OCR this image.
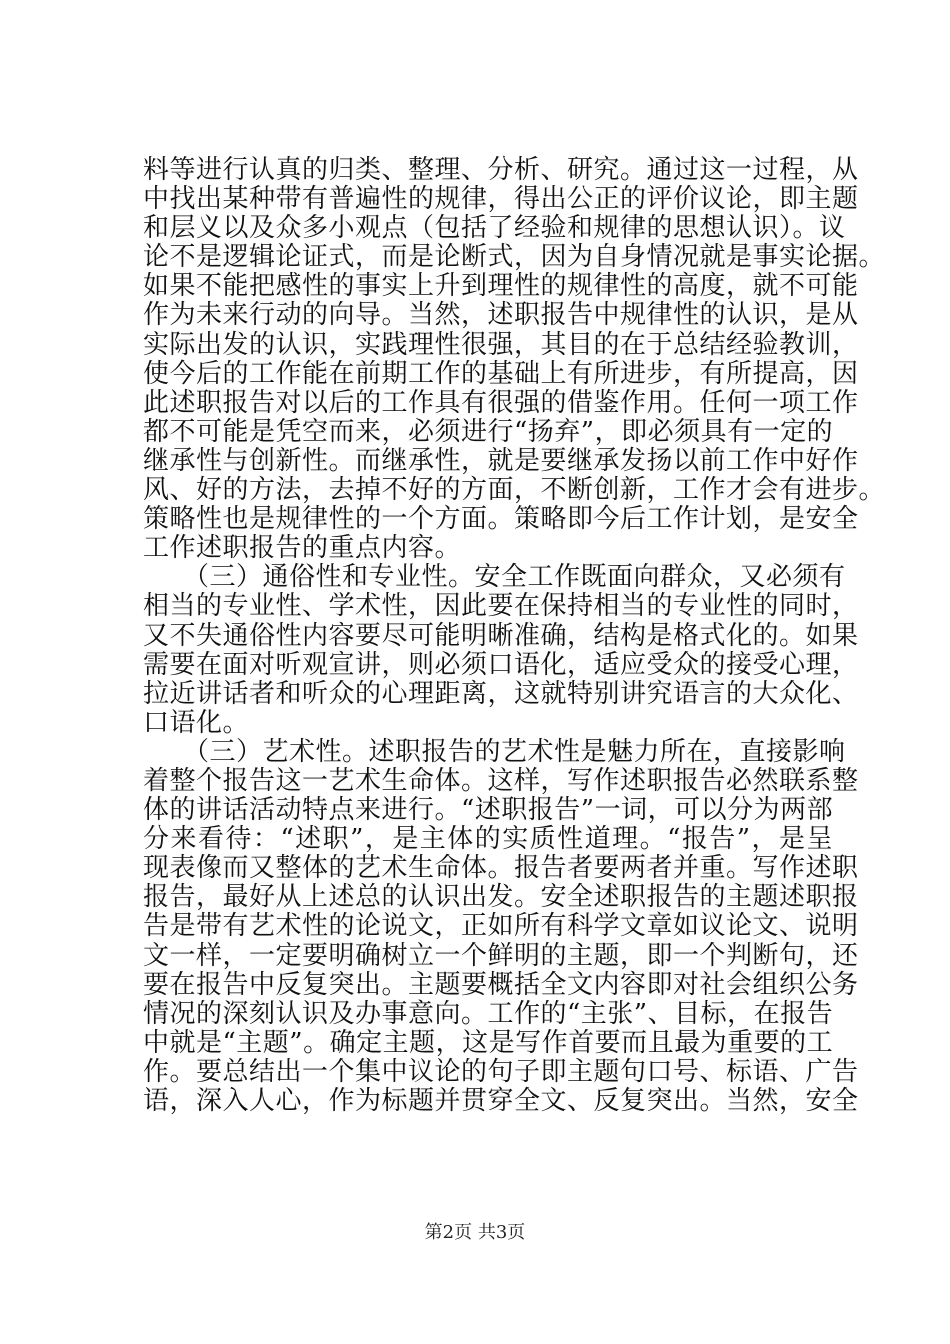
料等进行认真的归类、整理、分析、研究。通过这一过程，从
中找出某种带有普遍性的规律，得出公正的评价议论，即主题
和层义以及众多小观点（包括了经验和规律的思想认识）。议
论不是逻辑论证式，而是论断式，因为自身情况就是事实论据。
如果不能把感性的事实上升到理性的规律性的高度，就不可能
作为未来行动的向导。当然，述职报告中规律性的认识，是从
实际出发的认识，实践理性很强，其目的在于总结经验教训，
使今后的工作能在前期工作的基础上有所进步，有所提高，因
此述职报告对以后的工作具有很强的借鉴作用。任何一项工作
都不可能是凭空而来，必须进行“扬弃”，即必须具有一定的
继承性与创新性。而继承性，就是要继承发扬以前工作中好作
风、好的方法，去掉不好的方面，不断创新，工作才会有进步。
策略性也是规律性的一个方面。策略即今后工作计划，是安全
工作述职报告的重点内容。
　　（三）通俗性和专业性。安全工作既面向群众，又必须有
相当的专业性、学术性，因此要在保持相当的专业性的同时，
又不失通俗性内容要尽可能明晰准确，结构是格式化的。如果
需要在面对听观宣讲，则必须口语化，适应受众的接受心理，
拉近讲话者和听众的心理距离，这就特别讲究语言的大众化、
口语化。
　　（三）艺术性。述职报告的艺术性是魅力所在，直接影响
着整个报告这一艺术生命体。这样，写作述职报告必然联系整
体的讲话活动特点来进行。“述职报告”一词，可以分为两部
分来看待：“述职”，是主体的实质性道理。“报告”，是呈
现表像而又整体的艺术生命体。报告者要两者并重。写作述职
报告，最好从上述总的认识出发。安全述职报告的主题述职报
告是带有艺术性的论说文，正如所有科学文章如议论文、说明
文一样，一定要明确树立一个鲜明的主题，即一个判断句，还
要在报告中反复突出。主题要概括全文内容即对社会组织公务
情况的深刻认识及办事意向。工作的“主张”、目标，在报告
中就是“主题”。确定主题，这是写作首要而且最为重要的工
作。要总结出一个集中议论的句子即主题句口号、标语、广告
语，深入人心，作为标题并贯穿全文、反复突出。当然，安全
第2页 共3页
